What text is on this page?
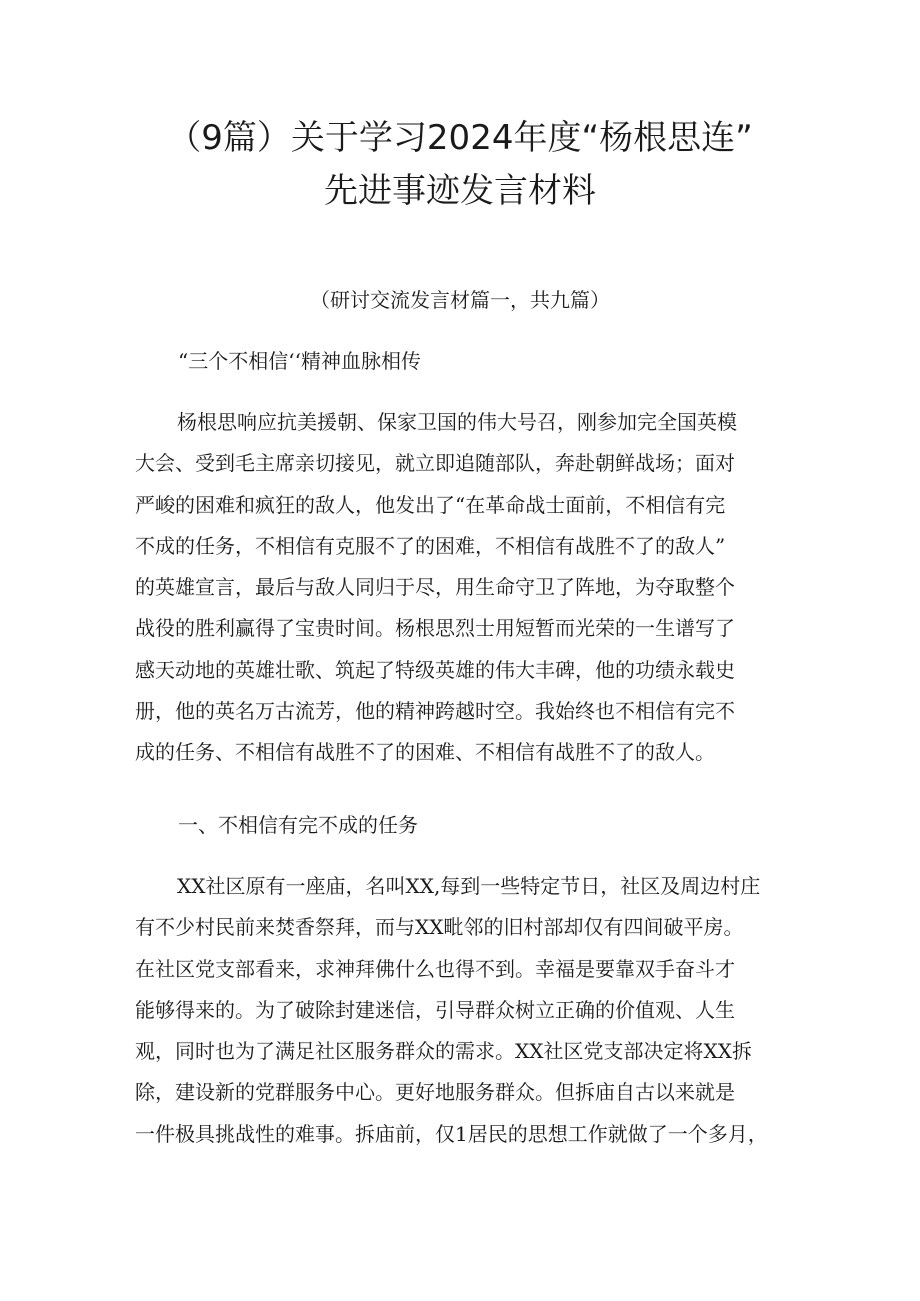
（9篇）关于学习2024年度“杨根思连”
先进事迹发言材料
（研讨交流发言材篇一，共九篇）
“三个不相信‘‘精神血脉相传
杨根思响应抗美援朝、保家卫国的伟大号召，刚参加完全国英模
大会、受到毛主席亲切接见，就立即追随部队，奔赴朝鲜战场；面对
严峻的困难和疯狂的敌人，他发出了“在革命战士面前，不相信有完
不成的任务，不相信有克服不了的困难，不相信有战胜不了的敌人”
的英雄宣言，最后与敌人同归于尽，用生命守卫了阵地，为夺取整个
战役的胜利赢得了宝贵时间。杨根思烈士用短暂而光荣的一生谱写了
感天动地的英雄壮歌、筑起了特级英雄的伟大丰碑，他的功绩永载史
册，他的英名万古流芳，他的精神跨越时空。我始终也不相信有完不
成的任务、不相信有战胜不了的困难、不相信有战胜不了的敌人。
一、不相信有完不成的任务
XX社区原有一座庙，名叫XX,每到一些特定节日，社区及周边村庄
有不少村民前来焚香祭拜，而与XX毗邻的旧村部却仅有四间破平房。
在社区党支部看来，求神拜佛什么也得不到。幸福是要靠双手奋斗才
能够得来的。为了破除封建迷信，引导群众树立正确的价值观、人生
观，同时也为了满足社区服务群众的需求。XX社区党支部决定将XX拆
除，建设新的党群服务中心。更好地服务群众。但拆庙自古以来就是
一件极具挑战性的难事。拆庙前，仅1居民的思想工作就做了一个多月，
